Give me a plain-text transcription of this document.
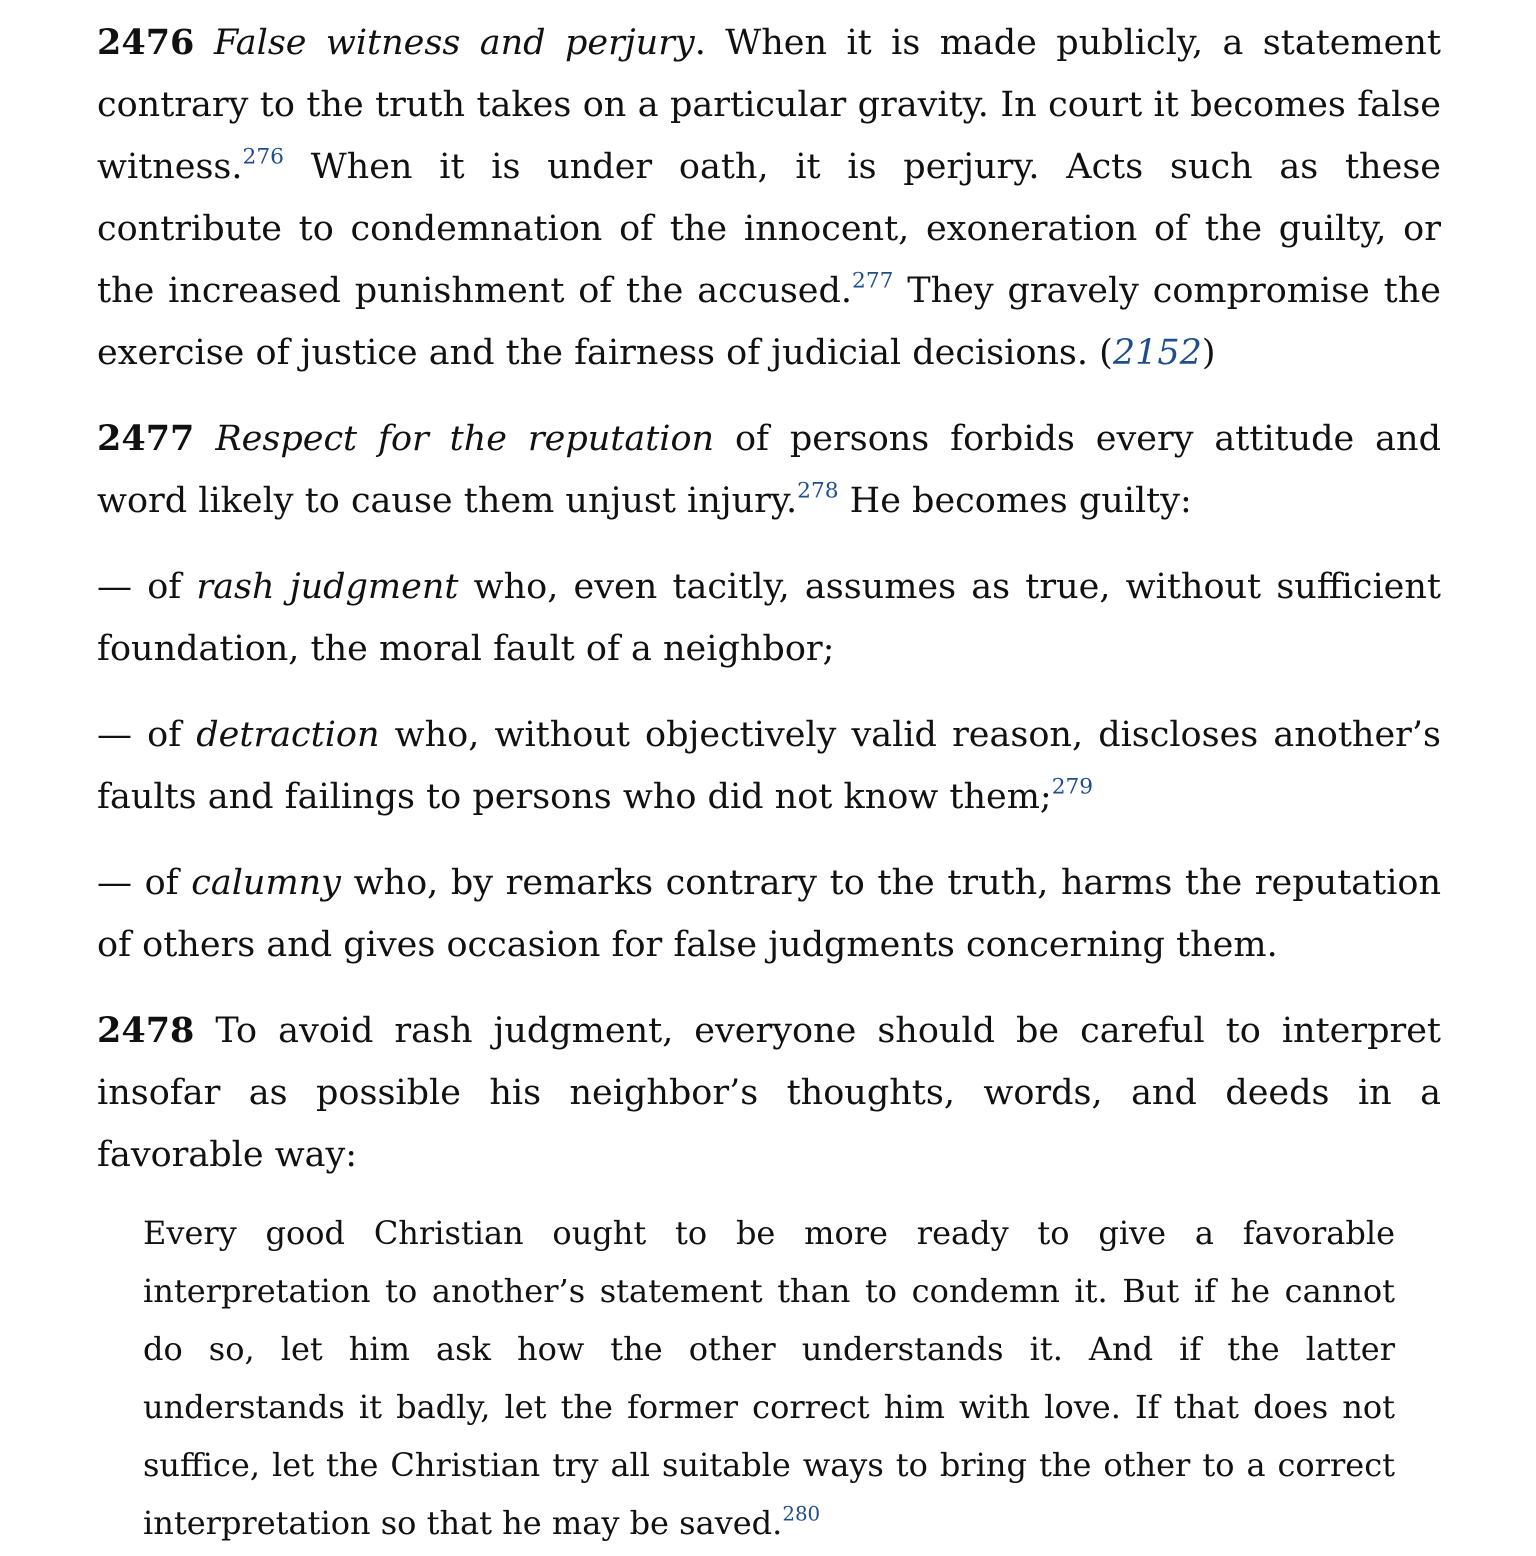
2476 False witness and perjury. When it is made publicly, a statement contrary to the truth takes on a particular gravity. In court it becomes false witness.$^{276}$ When it is under oath, it is perjury. Acts such as these contribute to condemnation of the innocent, exoneration of the guilty, or the increased punishment of the accused.$^{277}$ They gravely compromise the exercise of justice and the fairness of judicial decisions. (2152)

2477 Respect for the reputation of persons forbids every attitude and word likely to cause them unjust injury.$^{278}$ He becomes guilty:

— of rash judgment who, even tacitly, assumes as true, without sufficient foundation, the moral fault of a neighbor;

— of detraction who, without objectively valid reason, discloses another’s faults and failings to persons who did not know them;$^{279}$

— of calumny who, by remarks contrary to the truth, harms the reputation of others and gives occasion for false judgments concerning them.

2478 To avoid rash judgment, everyone should be careful to interpret insofar as possible his neighbor’s thoughts, words, and deeds in a favorable way:

Every good Christian ought to be more ready to give a favorable interpretation to another’s statement than to condemn it. But if he cannot do so, let him ask how the other understands it. And if the latter understands it badly, let the former correct him with love. If that does not suffice, let the Christian try all suitable ways to bring the other to a correct interpretation so that he may be saved.$^{280}$
